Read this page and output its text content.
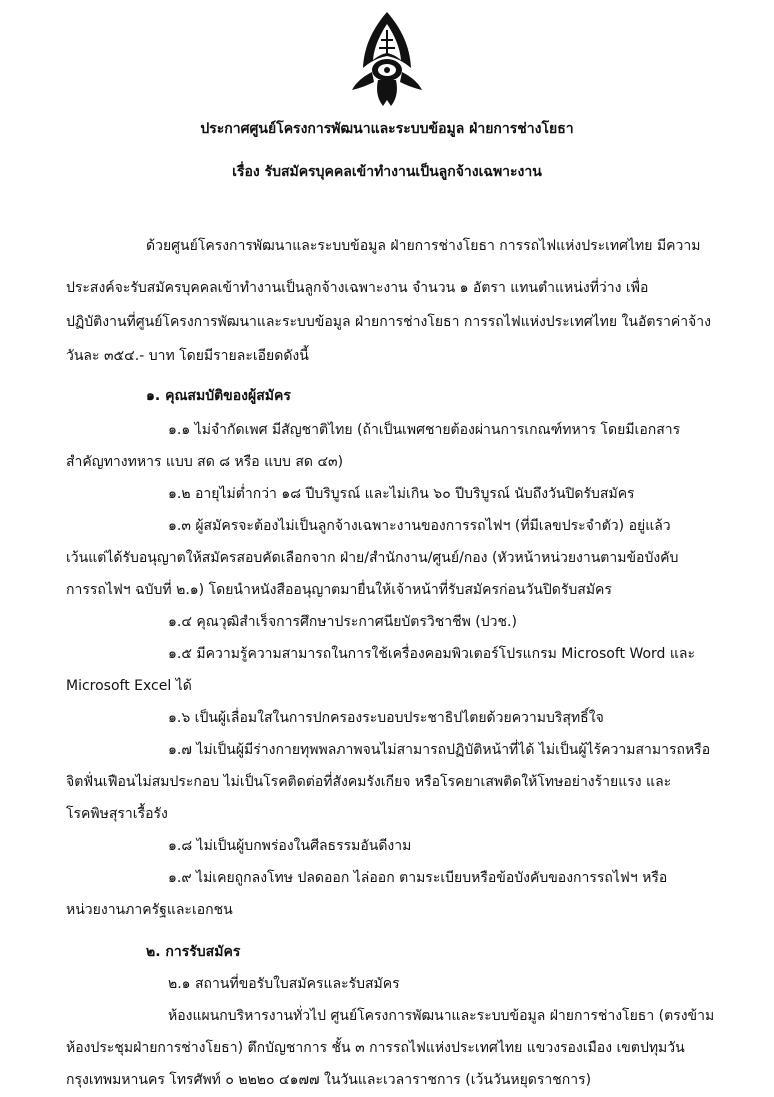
ประกาศศูนย์โครงการพัฒนาและระบบข้อมูล ฝ่ายการช่างโยธา
เรื่อง รับสมัครบุคคลเข้าทำงานเป็นลูกจ้างเฉพาะงาน
ด้วยศูนย์โครงการพัฒนาและระบบข้อมูล ฝ่ายการช่างโยธา การรถไฟแห่งประเทศไทย มีความ
ประสงค์จะรับสมัครบุคคลเข้าทำงานเป็นลูกจ้างเฉพาะงาน จำนวน ๑ อัตรา แทนตำแหน่งที่ว่าง เพื่อ
ปฏิบัติงานที่ศูนย์โครงการพัฒนาและระบบข้อมูล ฝ่ายการช่างโยธา การรถไฟแห่งประเทศไทย ในอัตราค่าจ้าง
วันละ ๓๕๔.- บาท โดยมีรายละเอียดดังนี้
๑. คุณสมบัติของผู้สมัคร
๑.๑ ไม่จำกัดเพศ มีสัญชาติไทย (ถ้าเป็นเพศชายต้องผ่านการเกณฑ์ทหาร โดยมีเอกสาร
สำคัญทางทหาร แบบ สด ๘ หรือ แบบ สด ๔๓)
๑.๒ อายุไม่ต่ำกว่า ๑๘ ปีบริบูรณ์ และไม่เกิน ๖๐ ปีบริบูรณ์ นับถึงวันปิดรับสมัคร
๑.๓ ผู้สมัครจะต้องไม่เป็นลูกจ้างเฉพาะงานของการรถไฟฯ (ที่มีเลขประจำตัว) อยู่แล้ว
เว้นแต่ได้รับอนุญาตให้สมัครสอบคัดเลือกจาก ฝ่าย/สำนักงาน/ศูนย์/กอง (หัวหน้าหน่วยงานตามข้อบังคับ
การรถไฟฯ ฉบับที่ ๒.๑) โดยนำหนังสืออนุญาตมายื่นให้เจ้าหน้าที่รับสมัครก่อนวันปิดรับสมัคร
๑.๔ คุณวุฒิสำเร็จการศึกษาประกาศนียบัตรวิชาชีพ (ปวช.)
๑.๕ มีความรู้ความสามารถในการใช้เครื่องคอมพิวเตอร์โปรแกรม Microsoft Word และ
Microsoft Excel ได้
๑.๖ เป็นผู้เลื่อมใสในการปกครองระบอบประชาธิปไตยด้วยความบริสุทธิ์ใจ
๑.๗ ไม่เป็นผู้มีร่างกายทุพพลภาพจนไม่สามารถปฏิบัติหน้าที่ได้ ไม่เป็นผู้ไร้ความสามารถหรือ
จิตฟั่นเฟือนไม่สมประกอบ ไม่เป็นโรคติดต่อที่สังคมรังเกียจ หรือโรคยาเสพติดให้โทษอย่างร้ายแรง และ
โรคพิษสุราเรื้อรัง
๑.๘ ไม่เป็นผู้บกพร่องในศีลธรรมอันดีงาม
๑.๙ ไม่เคยถูกลงโทษ ปลดออก ไล่ออก ตามระเบียบหรือข้อบังคับของการรถไฟฯ หรือ
หน่วยงานภาครัฐและเอกชน
๒. การรับสมัคร
๒.๑ สถานที่ขอรับใบสมัครและรับสมัคร
ห้องแผนกบริหารงานทั่วไป ศูนย์โครงการพัฒนาและระบบข้อมูล ฝ่ายการช่างโยธา (ตรงข้าม
ห้องประชุมฝ่ายการช่างโยธา) ตึกบัญชาการ ชั้น ๓ การรถไฟแห่งประเทศไทย แขวงรองเมือง เขตปทุมวัน
กรุงเทพมหานคร โทรศัพท์ ๐ ๒๒๒๐ ๔๑๗๗ ในวันและเวลาราชการ (เว้นวันหยุดราชการ)
